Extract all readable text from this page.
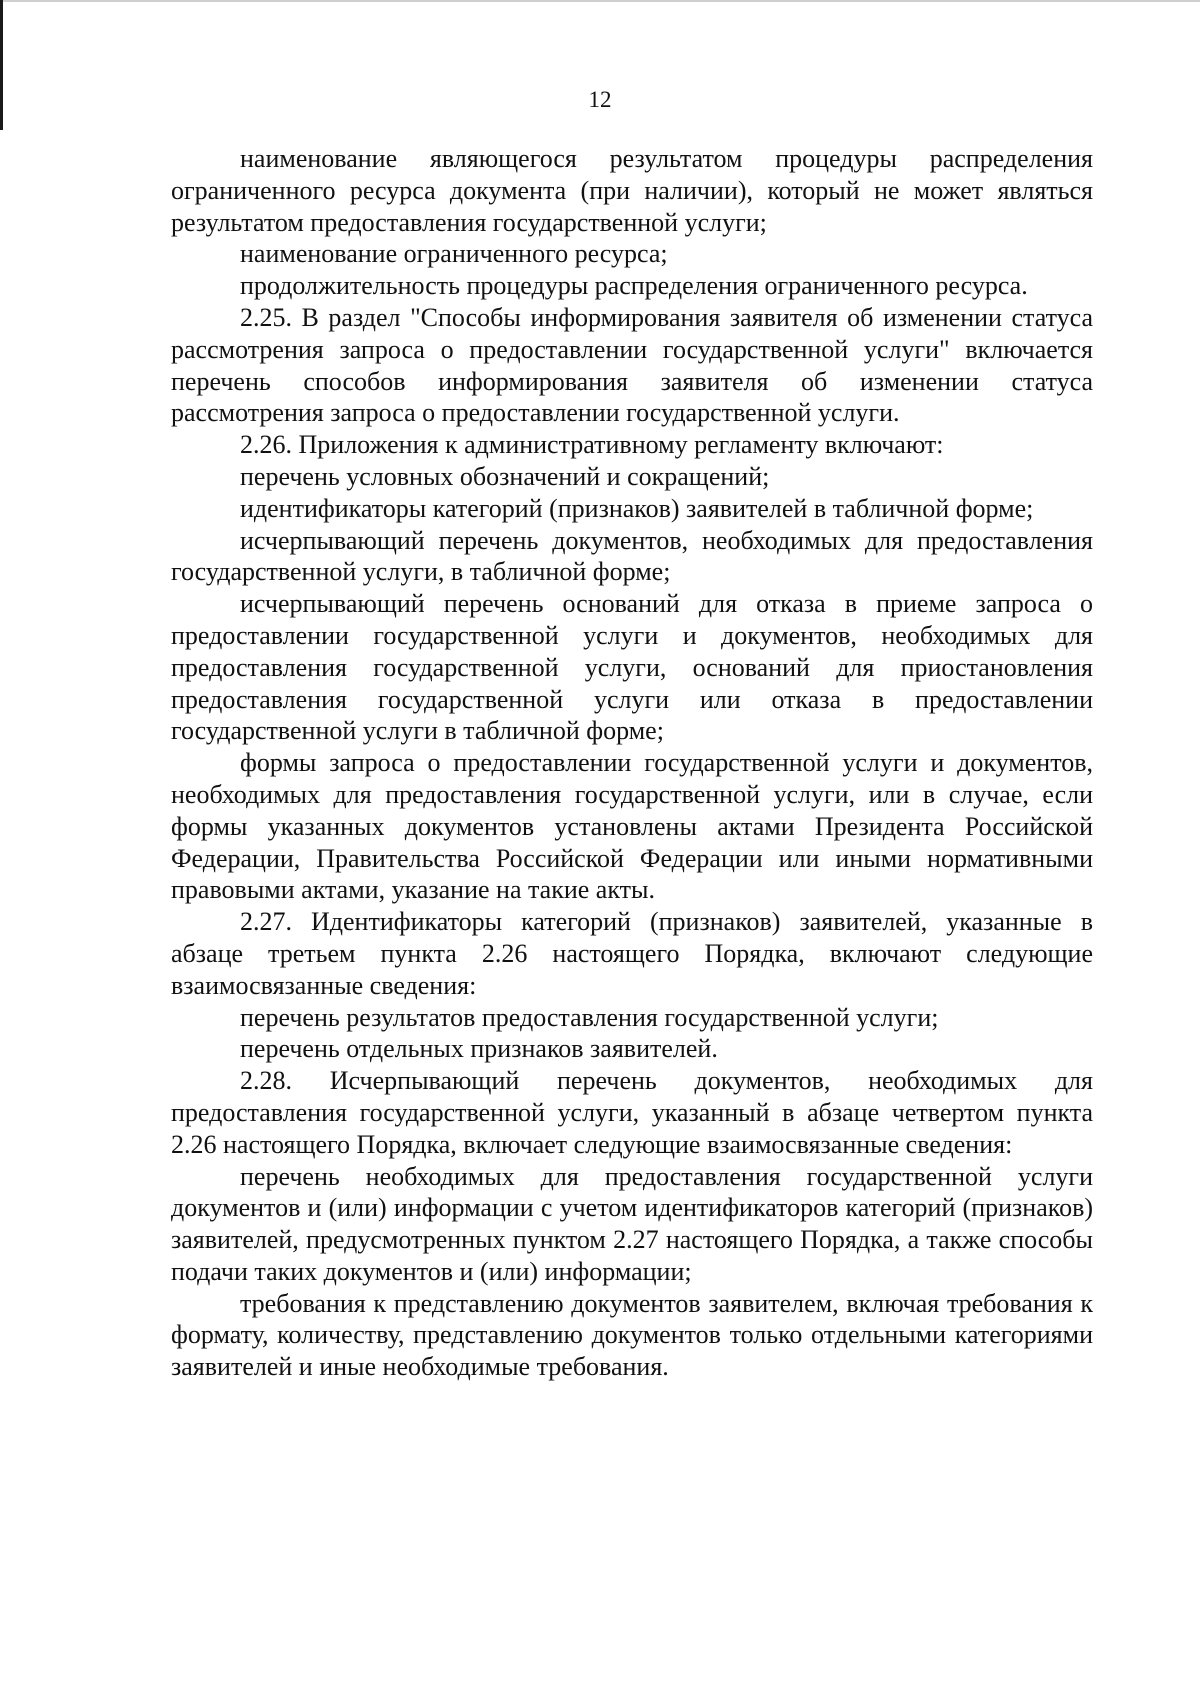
12

наименование являющегося результатом процедуры распределения ограниченного ресурса документа (при наличии), который не может являться результатом предоставления государственной услуги;

наименование ограниченного ресурса;

продолжительность процедуры распределения ограниченного ресурса.

2.25. В раздел "Способы информирования заявителя об изменении статуса рассмотрения запроса о предоставлении государственной услуги" включается перечень способов информирования заявителя об изменении статуса рассмотрения запроса о предоставлении государственной услуги.

2.26. Приложения к административному регламенту включают:

перечень условных обозначений и сокращений;

идентификаторы категорий (признаков) заявителей в табличной форме;

исчерпывающий перечень документов, необходимых для предоставления государственной услуги, в табличной форме;

исчерпывающий перечень оснований для отказа в приеме запроса о предоставлении государственной услуги и документов, необходимых для предоставления государственной услуги, оснований для приостановления предоставления государственной услуги или отказа в предоставлении государственной услуги в табличной форме;

формы запроса о предоставлении государственной услуги и документов, необходимых для предоставления государственной услуги, или в случае, если формы указанных документов установлены актами Президента Российской Федерации, Правительства Российской Федерации или иными нормативными правовыми актами, указание на такие акты.

2.27. Идентификаторы категорий (признаков) заявителей, указанные в абзаце третьем пункта 2.26 настоящего Порядка, включают следующие взаимосвязанные сведения:

перечень результатов предоставления государственной услуги;

перечень отдельных признаков заявителей.

2.28. Исчерпывающий перечень документов, необходимых для предоставления государственной услуги, указанный в абзаце четвертом пункта 2.26 настоящего Порядка, включает следующие взаимосвязанные сведения:

перечень необходимых для предоставления государственной услуги документов и (или) информации с учетом идентификаторов категорий (признаков) заявителей, предусмотренных пунктом 2.27 настоящего Порядка, а также способы подачи таких документов и (или) информации;

требования к представлению документов заявителем, включая требования к формату, количеству, представлению документов только отдельными категориями заявителей и иные необходимые требования.
